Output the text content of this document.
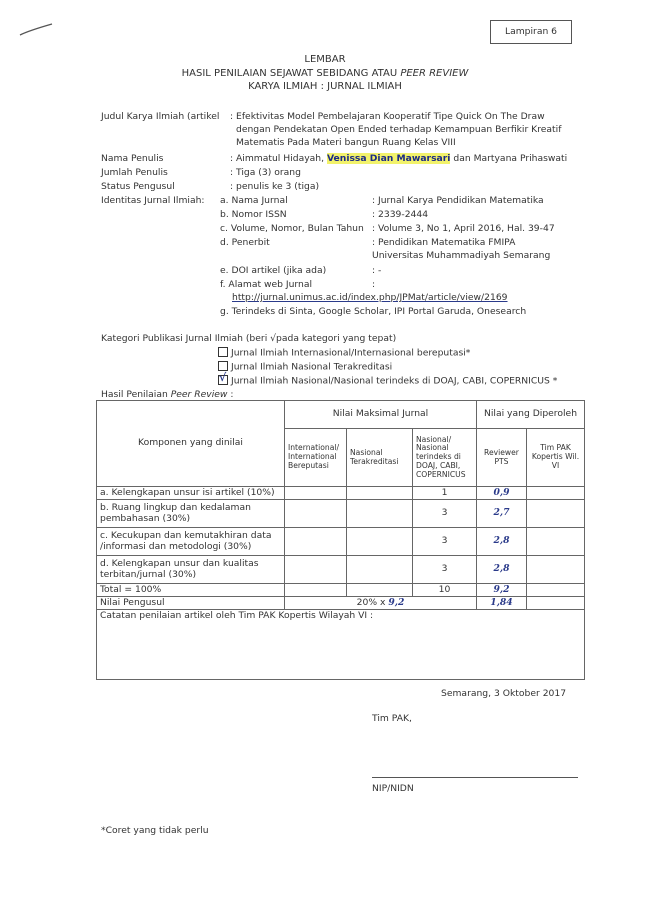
Lampiran 6
LEMBAR
HASIL PENILAIAN SEJAWAT SEBIDANG ATAU PEER REVIEW
KARYA ILMIAH : JURNAL ILMIAH
Judul Karya Ilmiah (artikel : Efektivitas Model Pembelajaran Kooperatif Tipe Quick On The Draw
dengan Pendekatan Open Ended terhadap Kemampuan Berfikir Kreatif
Matematis Pada Materi bangun Ruang Kelas VIII
Nama Penulis	: Aimmatul Hidayah, Venissa Dian Mawarsari dan Martyana Prihaswati
Jumlah Penulis	: Tiga (3) orang
Status Pengusul	: penulis ke 3 (tiga)
Identitas Jurnal Ilmiah: a. Nama Jurnal	: Jurnal Karya Pendidikan Matematika
b. Nomor ISSN	: 2339-2444
c. Volume, Nomor, Bulan Tahun : Volume 3, No 1, April 2016, Hal. 39-47
d. Penerbit	: Pendidikan Matematika FMIPA
Universitas Muhammadiyah Semarang
e. DOI artikel (jika ada)	: -
f. Alamat web Jurnal	:
http://jurnal.unimus.ac.id/index.php/JPMat/article/view/2169
g. Terindeks di Sinta, Google Scholar, IPI Portal Garuda, Onesearch
Kategori Publikasi Jurnal Ilmiah (beri √pada kategori yang tepat)
Jurnal Ilmiah Internasional/Internasional bereputasi*
Jurnal Ilmiah Nasional Terakreditasi
√ Jurnal Ilmiah Nasional/Nasional terindeks di DOAJ, CABI, COPERNICUS *
Hasil Penilaian Peer Review :
Komponen yang dinilai	Nilai Maksimal Jurnal			Nilai yang Diperoleh	
	International/ International Bereputasi	Nasional Terakreditasi	Nasional/ Nasional terindeks di DOAJ, CABI, COPERNICUS	Reviewer PTS	Tim PAK Kopertis Wil. VI
a. Kelengkapan unsur isi artikel (10%)			1	0,9	
b. Ruang lingkup dan kedalaman pembahasan (30%)			3	2,7	
c. Kecukupan dan kemutakhiran data /informasi dan metodologi (30%)			3	2,8	
d. Kelengkapan unsur dan kualitas terbitan/jurnal (30%)			3	2,8	
Total = 100%			10	9,2	
Nilai Pengusul	20% x 9,2			1,84	
Catatan penilaian artikel oleh Tim PAK Kopertis Wilayah VI :					
Semarang, 3 Oktober 2017
Tim PAK,
NIP/NIDN
*Coret yang tidak perlu
